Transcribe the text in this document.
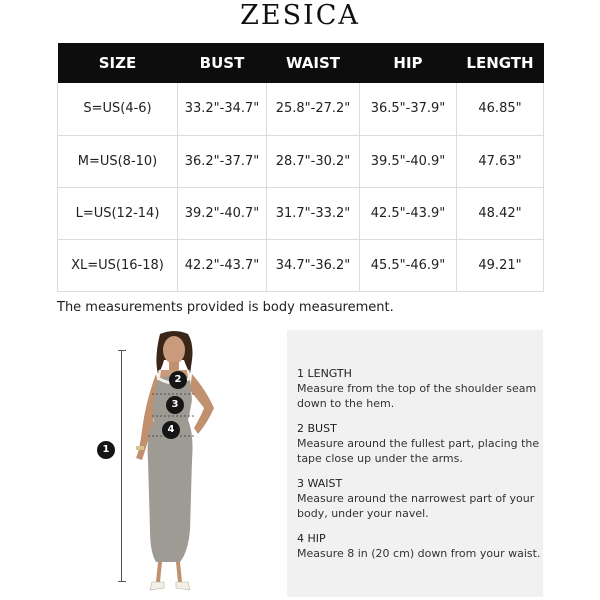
ZESICA
SIZE	BUST	WAIST	HIP	LENGTH
S=US(4-6)	33.2"-34.7"	25.8"-27.2"	36.5"-37.9"	46.85"
M=US(8-10)	36.2"-37.7"	28.7"-30.2"	39.5"-40.9"	47.63"
L=US(12-14)	39.2"-40.7"	31.7"-33.2"	42.5"-43.9"	48.42"
XL=US(16-18)	42.2"-43.7"	34.7"-36.2"	45.5"-46.9"	49.21"
The measurements provided is body measurement.
1
2
3
4
1 LENGTH
Measure from the top of the shoulder seam down to the hem.
2 BUST
Measure around the fullest part, placing the tape close up under the arms.
3 WAIST
Measure around the narrowest part of your body, under your navel.
4 HIP
Measure 8 in (20 cm) down from your waist.
